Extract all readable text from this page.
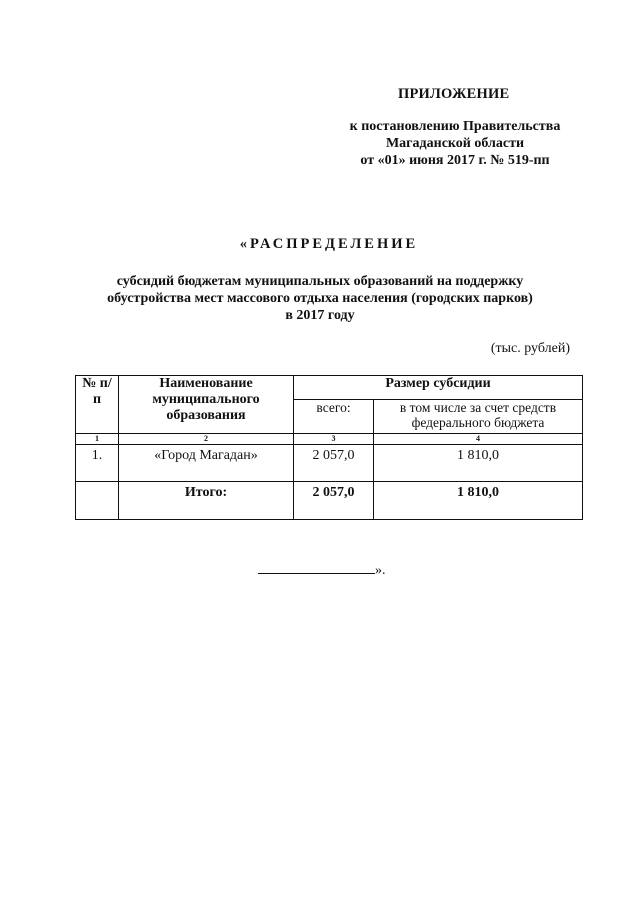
ПРИЛОЖЕНИЕ
к постановлению Правительства
Магаданской области
от «01» июня 2017 г. № 519-пп
«РАСПРЕДЕЛЕНИЕ
субсидий бюджетам муниципальных образований на поддержку
обустройства мест массового отдыха населения (городских парков)
в 2017 году
(тыс. рублей)
№ п/п	Наименование муниципального образования	Размер субсидии	
		всего:	в том числе за счет средств федерального бюджета
1	2	3	4
1.	«Город Магадан»	2 057,0	1 810,0
	Итого:	2 057,0	1 810,0
».
